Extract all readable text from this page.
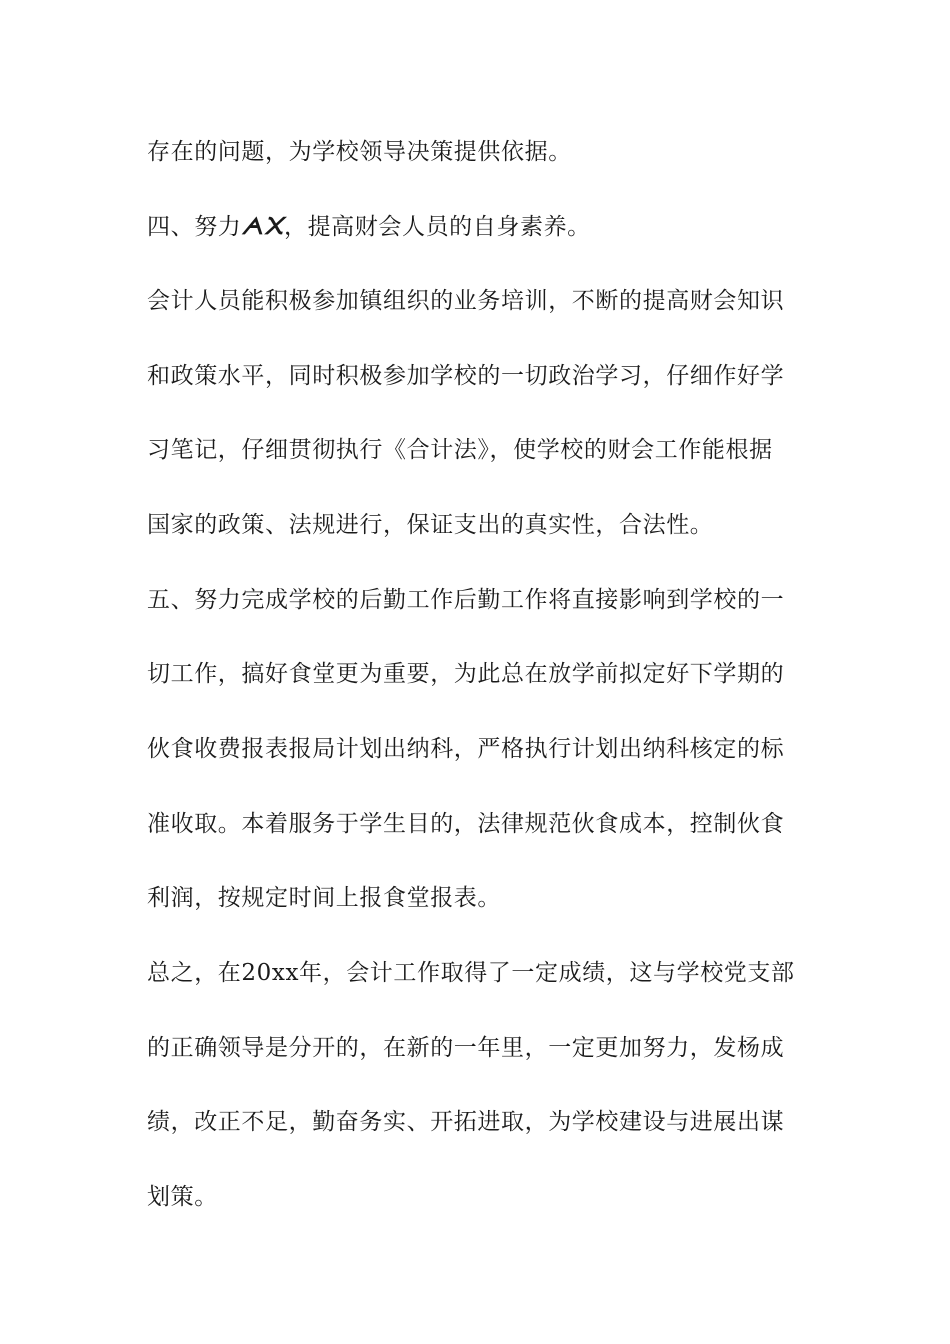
存在的问题，为学校领导决策提供依据。
四、努力ᗅ᙭，提高财会人员的自身素养。
会计人员能积极参加镇组织的业务培训，不断的提高财会知识
和政策水平，同时积极参加学校的一切政治学习，仔细作好学
习笔记，仔细贯彻执行《合计法》，使学校的财会工作能根据
国家的政策、法规进行，保证支出的真实性，合法性。
五、努力完成学校的后勤工作后勤工作将直接影响到学校的一
切工作，搞好食堂更为重要，为此总在放学前拟定好下学期的
伙食收费报表报局计划出纳科，严格执行计划出纳科核定的标
准收取。本着服务于学生目的，法律规范伙食成本，控制伙食
利润，按规定时间上报食堂报表。
总之，在20xx年，会计工作取得了一定成绩，这与学校党支部
的正确领导是分开的，在新的一年里，一定更加努力，发杨成
绩，改正不足，勤奋务实、开拓进取，为学校建设与进展出谋
划策。
